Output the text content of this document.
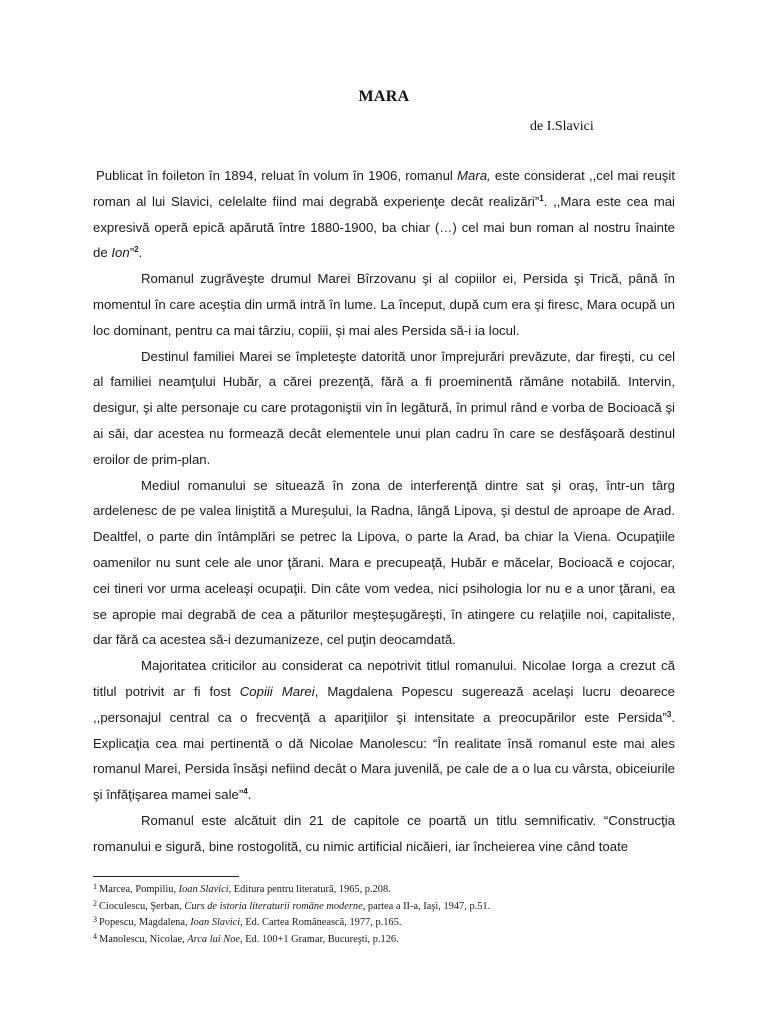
MARA
de I.Slavici

Publicat în foileton în 1894, reluat în volum în 1906, romanul Mara, este considerat ,,cel mai reuşit roman al lui Slavici, celelalte fiind mai degrabă experienţe decât realizări”$^1$. ,,Mara este cea mai expresivă operă epică apărută între 1880-1900, ba chiar (…) cel mai bun roman al nostru înainte de Ion”$^2$.

Romanul zugrăveşte drumul Marei Bîrzovanu şi al copiilor ei, Persida şi Trică, până în momentul în care aceştia din urmă intră în lume. La început, după cum era şi firesc, Mara ocupă un loc dominant, pentru ca mai târziu, copiii, şi mai ales Persida să-i ia locul.

Destinul familiei Marei se împleteşte datorită unor împrejurări prevăzute, dar fireşti, cu cel al familiei neamţului Hubăr, a cărei prezenţă, fără a fi proeminentă rămâne notabilă. Intervin, desigur, şi alte personaje cu care protagoniştii vin în legătură, în primul rând e vorba de Bocioacă şi ai săi, dar acestea nu formează decât elementele unui plan cadru în care se desfăşoară destinul eroilor de prim-plan.

Mediul romanului se situează în zona de interferenţă dintre sat şi oraş, într-un târg ardelenesc de pe valea liniştită a Mureşului, la Radna, lângă Lipova, şi destul de aproape de Arad. Dealtfel, o parte din întâmplări se petrec la Lipova, o parte la Arad, ba chiar la Viena. Ocupaţiile oamenilor nu sunt cele ale unor ţărani. Mara e precupeaţă, Hubăr e măcelar, Bocioacă e cojocar, cei tineri vor urma aceleaşi ocupaţii. Din câte vom vedea, nici psihologia lor nu e a unor ţărani, ea se apropie mai degrabă de cea a păturilor meşteşugăreşti, în atingere cu relaţiile noi, capitaliste, dar fără ca acestea să-i dezumanizeze, cel puţin deocamdată.

Majoritatea criticilor au considerat ca nepotrivit titlul romanului. Nicolae Iorga a crezut că titlul potrivit ar fi fost Copiii Marei, Magdalena Popescu sugerează acelaşi lucru deoarece ,,personajul central ca o frecvenţă a apariţiilor şi intensitate a preocupărilor este Persida”$^3$. Explicaţia cea mai pertinentă o dă Nicolae Manolescu: “În realitate însă romanul este mai ales romanul Marei, Persida însăşi nefiind decât o Mara juvenilă, pe cale de a o lua cu vârsta, obiceiurile şi înfăţişarea mamei sale”$^4$.

Romanul este alcătuit din 21 de capitole ce poartă un titlu semnificativ. “Construcţia romanului e sigură, bine rostogolită, cu nimic artificial nicăieri, iar încheierea vine când toate

$^1$ Marcea, Pompiliu, Ioan Slavici, Editura pentru literatură, 1965, p.208.
$^2$ Cioculescu, Şerban, Curs de istoria literaturii române moderne, partea a II-a, Iaşi, 1947, p.51.
$^3$ Popescu, Magdalena, Ioan Slavici, Ed. Cartea Românească, 1977, p.165.
$^4$ Manolescu, Nicolae, Arca lui Noe, Ed. 100+1 Gramar, Bucureşti, p.126.
